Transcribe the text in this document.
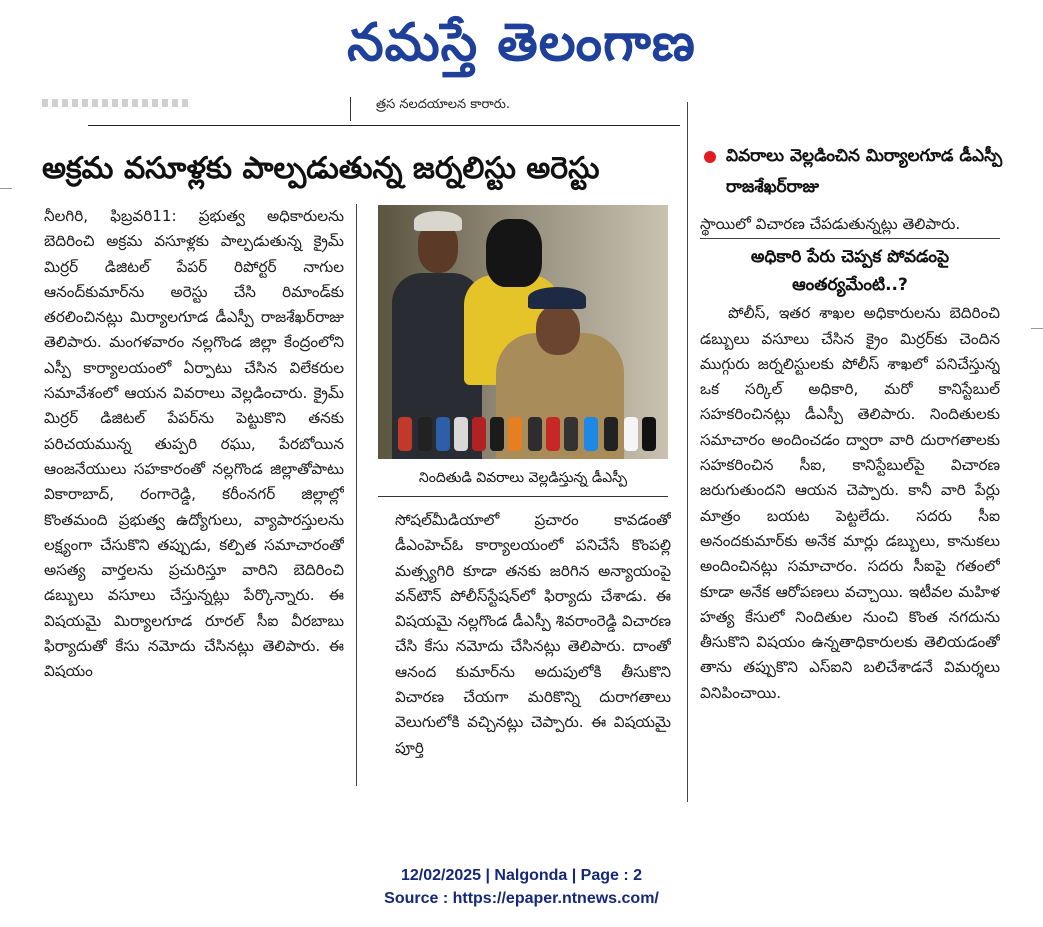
నమస్తే తెలంగాణ
త్రస నలదయాలన కారారు.
అక్రమ వసూళ్లకు పాల్పడుతున్న జర్నలిస్టు అరెస్టు
నీలగిరి, ఫిబ్రవరి11: ప్రభుత్వ అధికారులను బెదిరించి అక్రమ వసూళ్లకు పాల్పడుతున్న క్రైమ్ మిర్రర్ డిజిటల్ పేపర్ రిపోర్టర్ నాగుల ఆనంద్‌కుమార్‌ను అరెస్టు చేసి రిమాండ్‌కు తరలించినట్లు మిర్యాలగూడ డీఎస్పీ రాజశేఖర్‌రాజు తెలిపారు. మంగళవారం నల్లగొండ జిల్లా కేంద్రంలోని ఎస్పీ కార్యాలయంలో ఏర్పాటు చేసిన విలేకరుల సమావేశంలో ఆయన వివరాలు వెల్లడించారు. క్రైమ్ మిర్రర్ డిజిటల్ పేపర్‌ను పెట్టుకొని తనకు పరిచయమున్న తుప్పరి రఘు, పేరబోయిన ఆంజనేయులు సహకారంతో నల్లగొండ జిల్లాతోపాటు వికారాబాద్, రంగారెడ్డి, కరీంనగర్ జిల్లాల్లో కొంతమంది ప్రభుత్వ ఉద్యోగులు, వ్యాపారస్తులను లక్ష్యంగా చేసుకొని తప్పుడు, కల్పిత సమాచారంతో అసత్య వార్తలను ప్రచురిస్తూ వారిని బెదిరించి డబ్బులు వసూలు చేస్తున్నట్లు పేర్కొన్నారు. ఈ విషయమై మిర్యాలగూడ రూరల్ సీఐ వీరబాబు ఫిర్యాదుతో కేసు నమోదు చేసినట్లు తెలిపారు. ఈ విషయం
నిందితుడి వివరాలు వెల్లడిస్తున్న డీఎస్పీ
సోషల్‌మీడియాలో ప్రచారం కావడంతో డీఎంహెచ్‌ఓ కార్యాలయంలో పనిచేసే కొంపల్లి మత్స్యగిరి కూడా తనకు జరిగిన అన్యాయంపై వన్‌టౌన్ పోలీస్‌స్టేషన్‌లో ఫిర్యాదు చేశాడు. ఈ విషయమై నల్లగొండ డీఎస్పీ శివరాంరెడ్డి విచారణ చేసి కేసు నమోదు చేసినట్లు తెలిపారు. దాంతో ఆనంద కుమార్‌ను అదుపులోకి తీసుకొని విచారణ చేయగా మరికొన్ని దురాగతాలు వెలుగులోకి వచ్చినట్లు చెప్పారు. ఈ విషయమై పూర్తి
వివరాలు వెల్లడించిన మిర్యాలగూడ డీఎస్పీ రాజశేఖర్‌రాజు

స్థాయిలో విచారణ చేపడుతున్నట్లు తెలిపారు.

పోలీస్, ఇతర శాఖల అధికారులను బెదిరించి డబ్బులు వసూలు చేసిన క్రైం మిర్రర్‌కు చెందిన ముగ్గురు జర్నలిస్టులకు పోలీస్ శాఖలో పనిచేస్తున్న ఒక సర్కిల్ అధికారి, మరో కానిస్టేబుల్ సహకరించినట్లు డీఎస్పీ తెలిపారు. నిందితులకు సమాచారం అందించడం ద్వారా వారి దురాగతాలకు సహకరించిన సీఐ, కానిస్టేబుల్‌పై విచారణ జరుగుతుందని ఆయన చెప్పారు. కానీ వారి పేర్లు మాత్రం బయట పెట్టలేదు. సదరు సీఐ అనందకుమార్‌కు అనేక మార్లు డబ్బులు, కానుకలు అందించినట్లు సమాచారం. సదరు సీఐపై గతంలో కూడా అనేక ఆరోపణలు వచ్చాయి. ఇటీవల మహిళ హత్య కేసులో నిందితుల నుంచి కొంత నగదును తీసుకొని విషయం ఉన్నతాధికారులకు తెలియడంతో తాను తప్పుకొని ఎస్ఐని బలిచేశాడనే విమర్శలు వినిపించాయి.

అధికారి పేరు చెప్పక పోవడంపై ఆంతర్యమేంటి..?
12/02/2025 | Nalgonda | Page : 2
Source : https://epaper.ntnews.com/
